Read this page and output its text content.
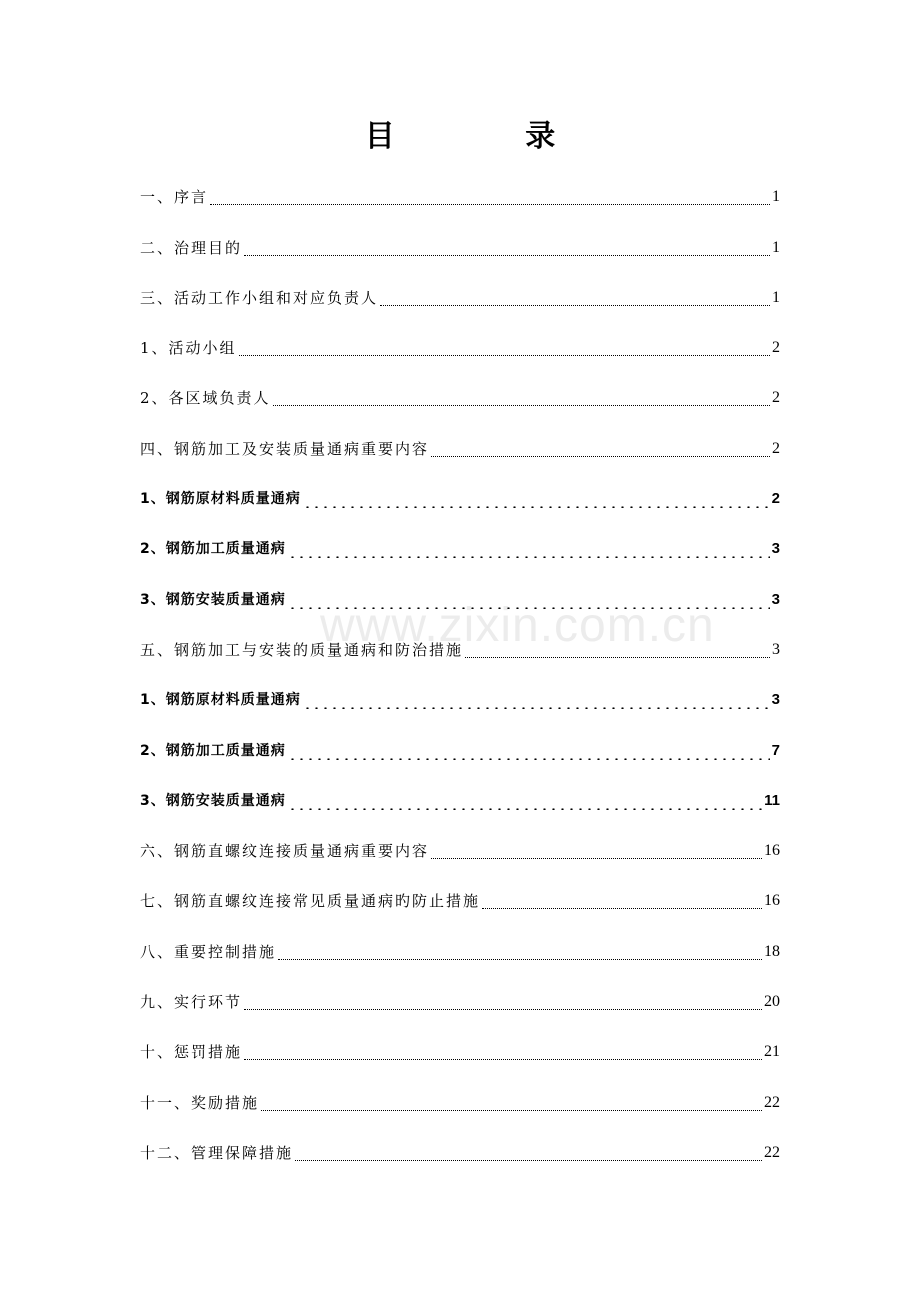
目 录
www.zixin.com.cn
一、序言	1
二、治理目的	1
三、活动工作小组和对应负责人	1
1、活动小组	2
2、各区域负责人	2
四、钢筋加工及安装质量通病重要内容	2
1、钢筋原材料质量通病	2
2、钢筋加工质量通病	3
3、钢筋安装质量通病	3
五、钢筋加工与安装的质量通病和防治措施	3
1、钢筋原材料质量通病	3
2、钢筋加工质量通病	7
3、钢筋安装质量通病	11
六、钢筋直螺纹连接质量通病重要内容	16
七、钢筋直螺纹连接常见质量通病旳防止措施	16
八、重要控制措施	18
九、实行环节	20
十、惩罚措施	21
十一、奖励措施	22
十二、管理保障措施	22
